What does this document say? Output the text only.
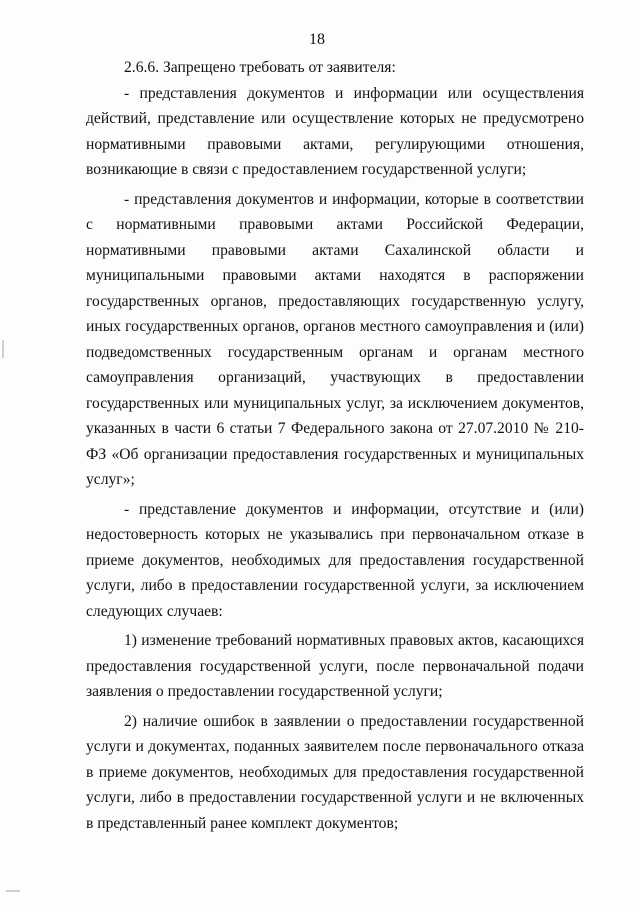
18

2.6.6. Запрещено требовать от заявителя:

- представления документов и информации или осуществления действий, представление или осуществление которых не предусмотрено нормативными правовыми актами, регулирующими отношения, возникающие в связи с предоставлением государственной услуги;

- представления документов и информации, которые в соответствии с нормативными правовыми актами Российской Федерации, нормативными правовыми актами Сахалинской области и муниципальными правовыми актами находятся в распоряжении государственных органов, предоставляющих государственную услугу, иных государственных органов, органов местного самоуправления и (или) подведомственных государственным органам и органам местного самоуправления организаций, участвующих в предоставлении государственных или муниципальных услуг, за исключением документов, указанных в части 6 статьи 7 Федерального закона от 27.07.2010 № 210-ФЗ «Об организации предоставления государственных и муниципальных услуг»;

- представление документов и информации, отсутствие и (или) недостоверность которых не указывались при первоначальном отказе в приеме документов, необходимых для предоставления государственной услуги, либо в предоставлении государственной услуги, за исключением следующих случаев:

1) изменение требований нормативных правовых актов, касающихся предоставления государственной услуги, после первоначальной подачи заявления о предоставлении государственной услуги;

2) наличие ошибок в заявлении о предоставлении государственной услуги и документах, поданных заявителем после первоначального отказа в приеме документов, необходимых для предоставления государственной услуги, либо в предоставлении государственной услуги и не включенных в представленный ранее комплект документов;
